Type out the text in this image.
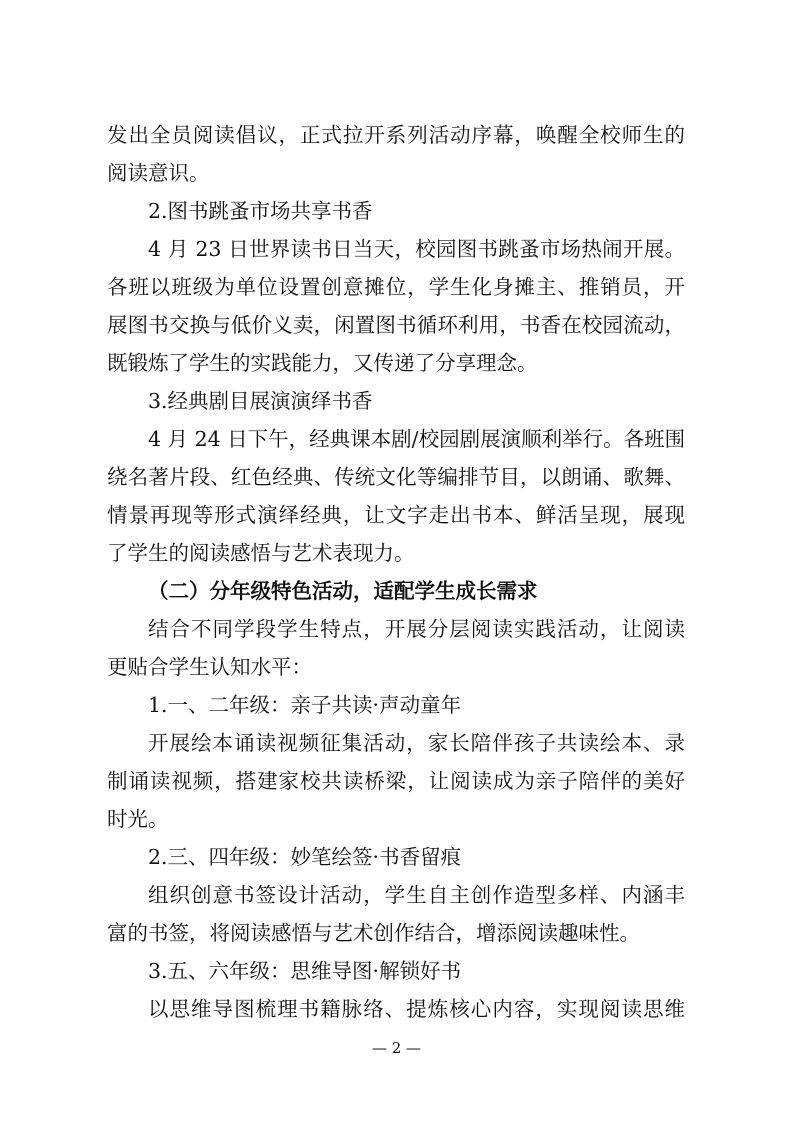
发出全员阅读倡议，正式拉开系列活动序幕，唤醒全校师生的
阅读意识。
2.图书跳蚤市场共享书香
4 月 23 日世界读书日当天，校园图书跳蚤市场热闹开展。
各班以班级为单位设置创意摊位，学生化身摊主、推销员，开
展图书交换与低价义卖，闲置图书循环利用，书香在校园流动，
既锻炼了学生的实践能力，又传递了分享理念。
3.经典剧目展演演绎书香
4 月 24 日下午，经典课本剧/校园剧展演顺利举行。各班围
绕名著片段、红色经典、传统文化等编排节目，以朗诵、歌舞、
情景再现等形式演绎经典，让文字走出书本、鲜活呈现，展现
了学生的阅读感悟与艺术表现力。
（二）分年级特色活动，适配学生成长需求
结合不同学段学生特点，开展分层阅读实践活动，让阅读
更贴合学生认知水平：
1.一、二年级：亲子共读·声动童年
开展绘本诵读视频征集活动，家长陪伴孩子共读绘本、录
制诵读视频，搭建家校共读桥梁，让阅读成为亲子陪伴的美好
时光。
2.三、四年级：妙笔绘签·书香留痕
组织创意书签设计活动，学生自主创作造型多样、内涵丰
富的书签，将阅读感悟与艺术创作结合，增添阅读趣味性。
3.五、六年级：思维导图·解锁好书
以思维导图梳理书籍脉络、提炼核心内容，实现阅读思维
— 2 —
